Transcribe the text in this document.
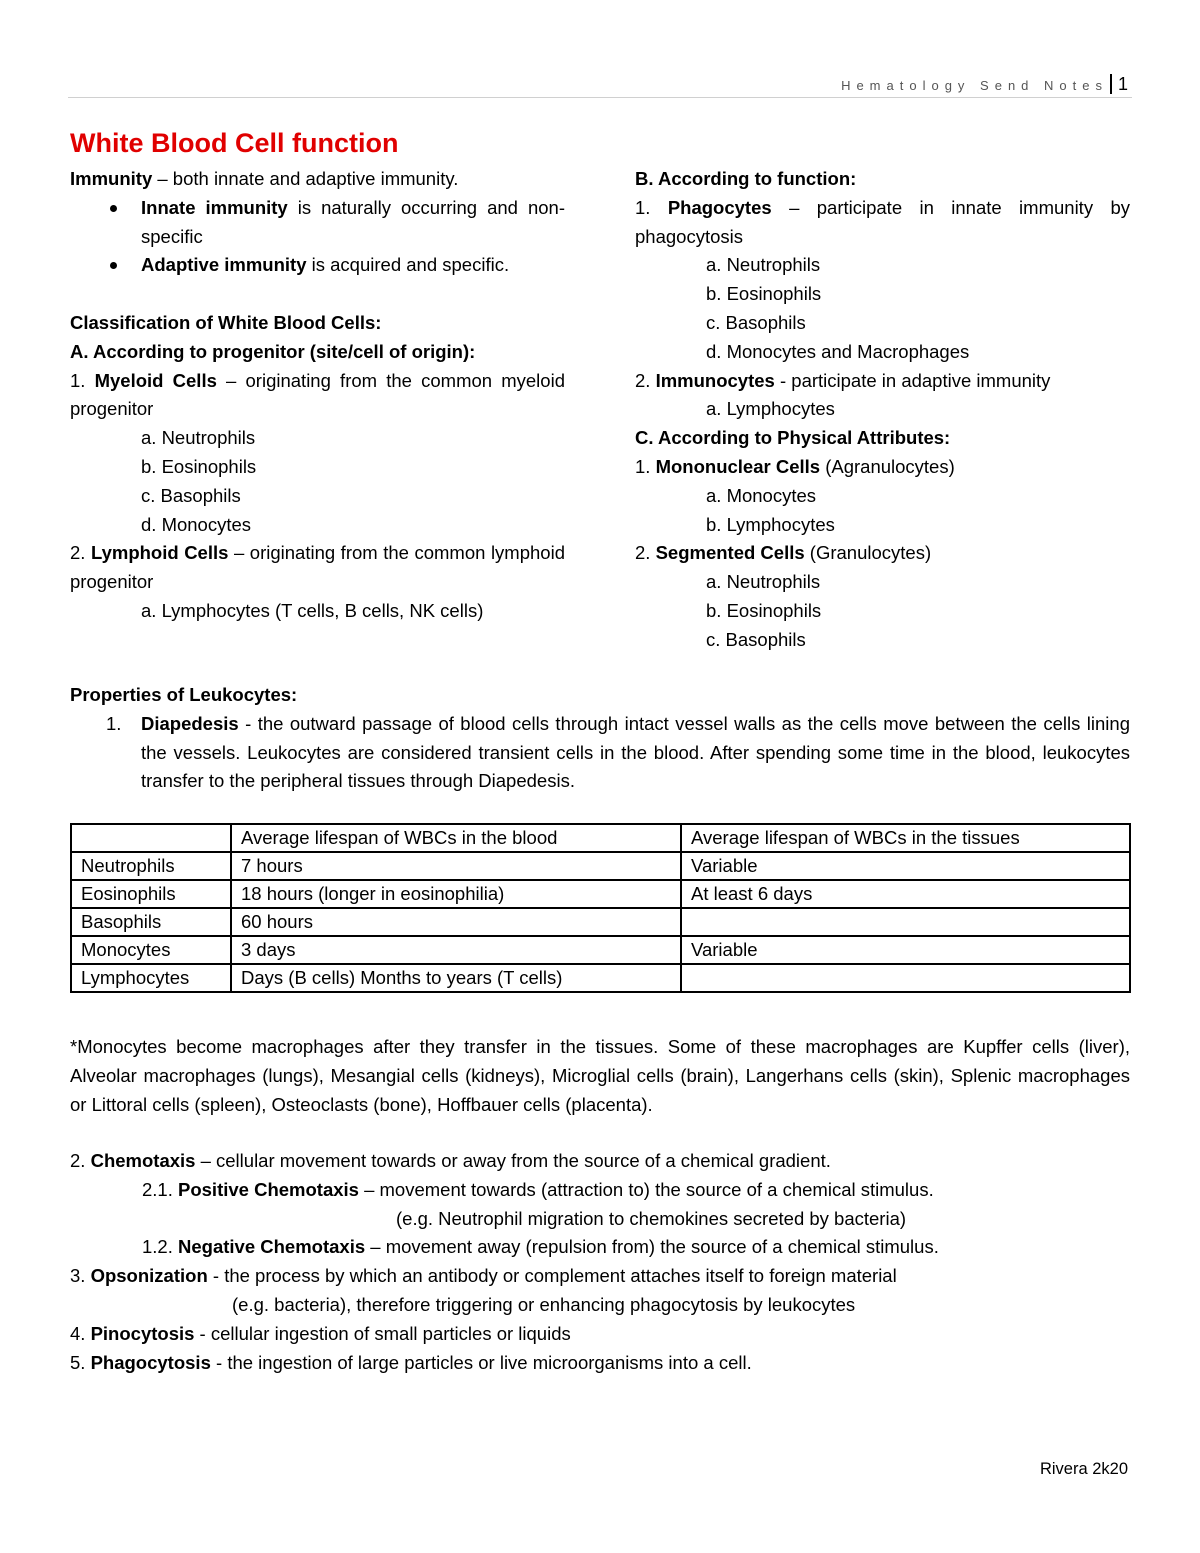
Hematology Send Notes 1
White Blood Cell function
Immunity – both innate and adaptive immunity.
Innate immunity is naturally occurring and non-specific
Adaptive immunity is acquired and specific.

Classification of White Blood Cells:
A. According to progenitor (site/cell of origin):
1. Myeloid Cells – originating from the common myeloid progenitor
a. Neutrophils
b. Eosinophils
c. Basophils
d. Monocytes
2. Lymphoid Cells – originating from the common lymphoid progenitor
a. Lymphocytes (T cells, B cells, NK cells)
B. According to function:
1. Phagocytes – participate in innate immunity by phagocytosis
a. Neutrophils
b. Eosinophils
c. Basophils
d. Monocytes and Macrophages
2. Immunocytes - participate in adaptive immunity
a. Lymphocytes
C. According to Physical Attributes:
1. Mononuclear Cells (Agranulocytes)
a. Monocytes
b. Lymphocytes
2. Segmented Cells (Granulocytes)
a. Neutrophils
b. Eosinophils
c. Basophils
Properties of Leukocytes:
1. Diapedesis - the outward passage of blood cells through intact vessel walls as the cells move between the cells lining the vessels. Leukocytes are considered transient cells in the blood. After spending some time in the blood, leukocytes transfer to the peripheral tissues through Diapedesis.
	Average lifespan of WBCs in the blood	Average lifespan of WBCs in the tissues
Neutrophils	7 hours	Variable
Eosinophils	18 hours (longer in eosinophilia)	At least 6 days
Basophils	60 hours	
Monocytes	3 days	Variable
Lymphocytes	Days (B cells) Months to years (T cells)	
*Monocytes become macrophages after they transfer in the tissues. Some of these macrophages are Kupffer cells (liver), Alveolar macrophages (lungs), Mesangial cells (kidneys), Microglial cells (brain), Langerhans cells (skin), Splenic macrophages or Littoral cells (spleen), Osteoclasts (bone), Hoffbauer cells (placenta).
2. Chemotaxis – cellular movement towards or away from the source of a chemical gradient.
2.1. Positive Chemotaxis – movement towards (attraction to) the source of a chemical stimulus.
(e.g. Neutrophil migration to chemokines secreted by bacteria)
1.2. Negative Chemotaxis – movement away (repulsion from) the source of a chemical stimulus.
3. Opsonization - the process by which an antibody or complement attaches itself to foreign material
(e.g. bacteria), therefore triggering or enhancing phagocytosis by leukocytes
4. Pinocytosis - cellular ingestion of small particles or liquids
5. Phagocytosis - the ingestion of large particles or live microorganisms into a cell.
Rivera 2k20
